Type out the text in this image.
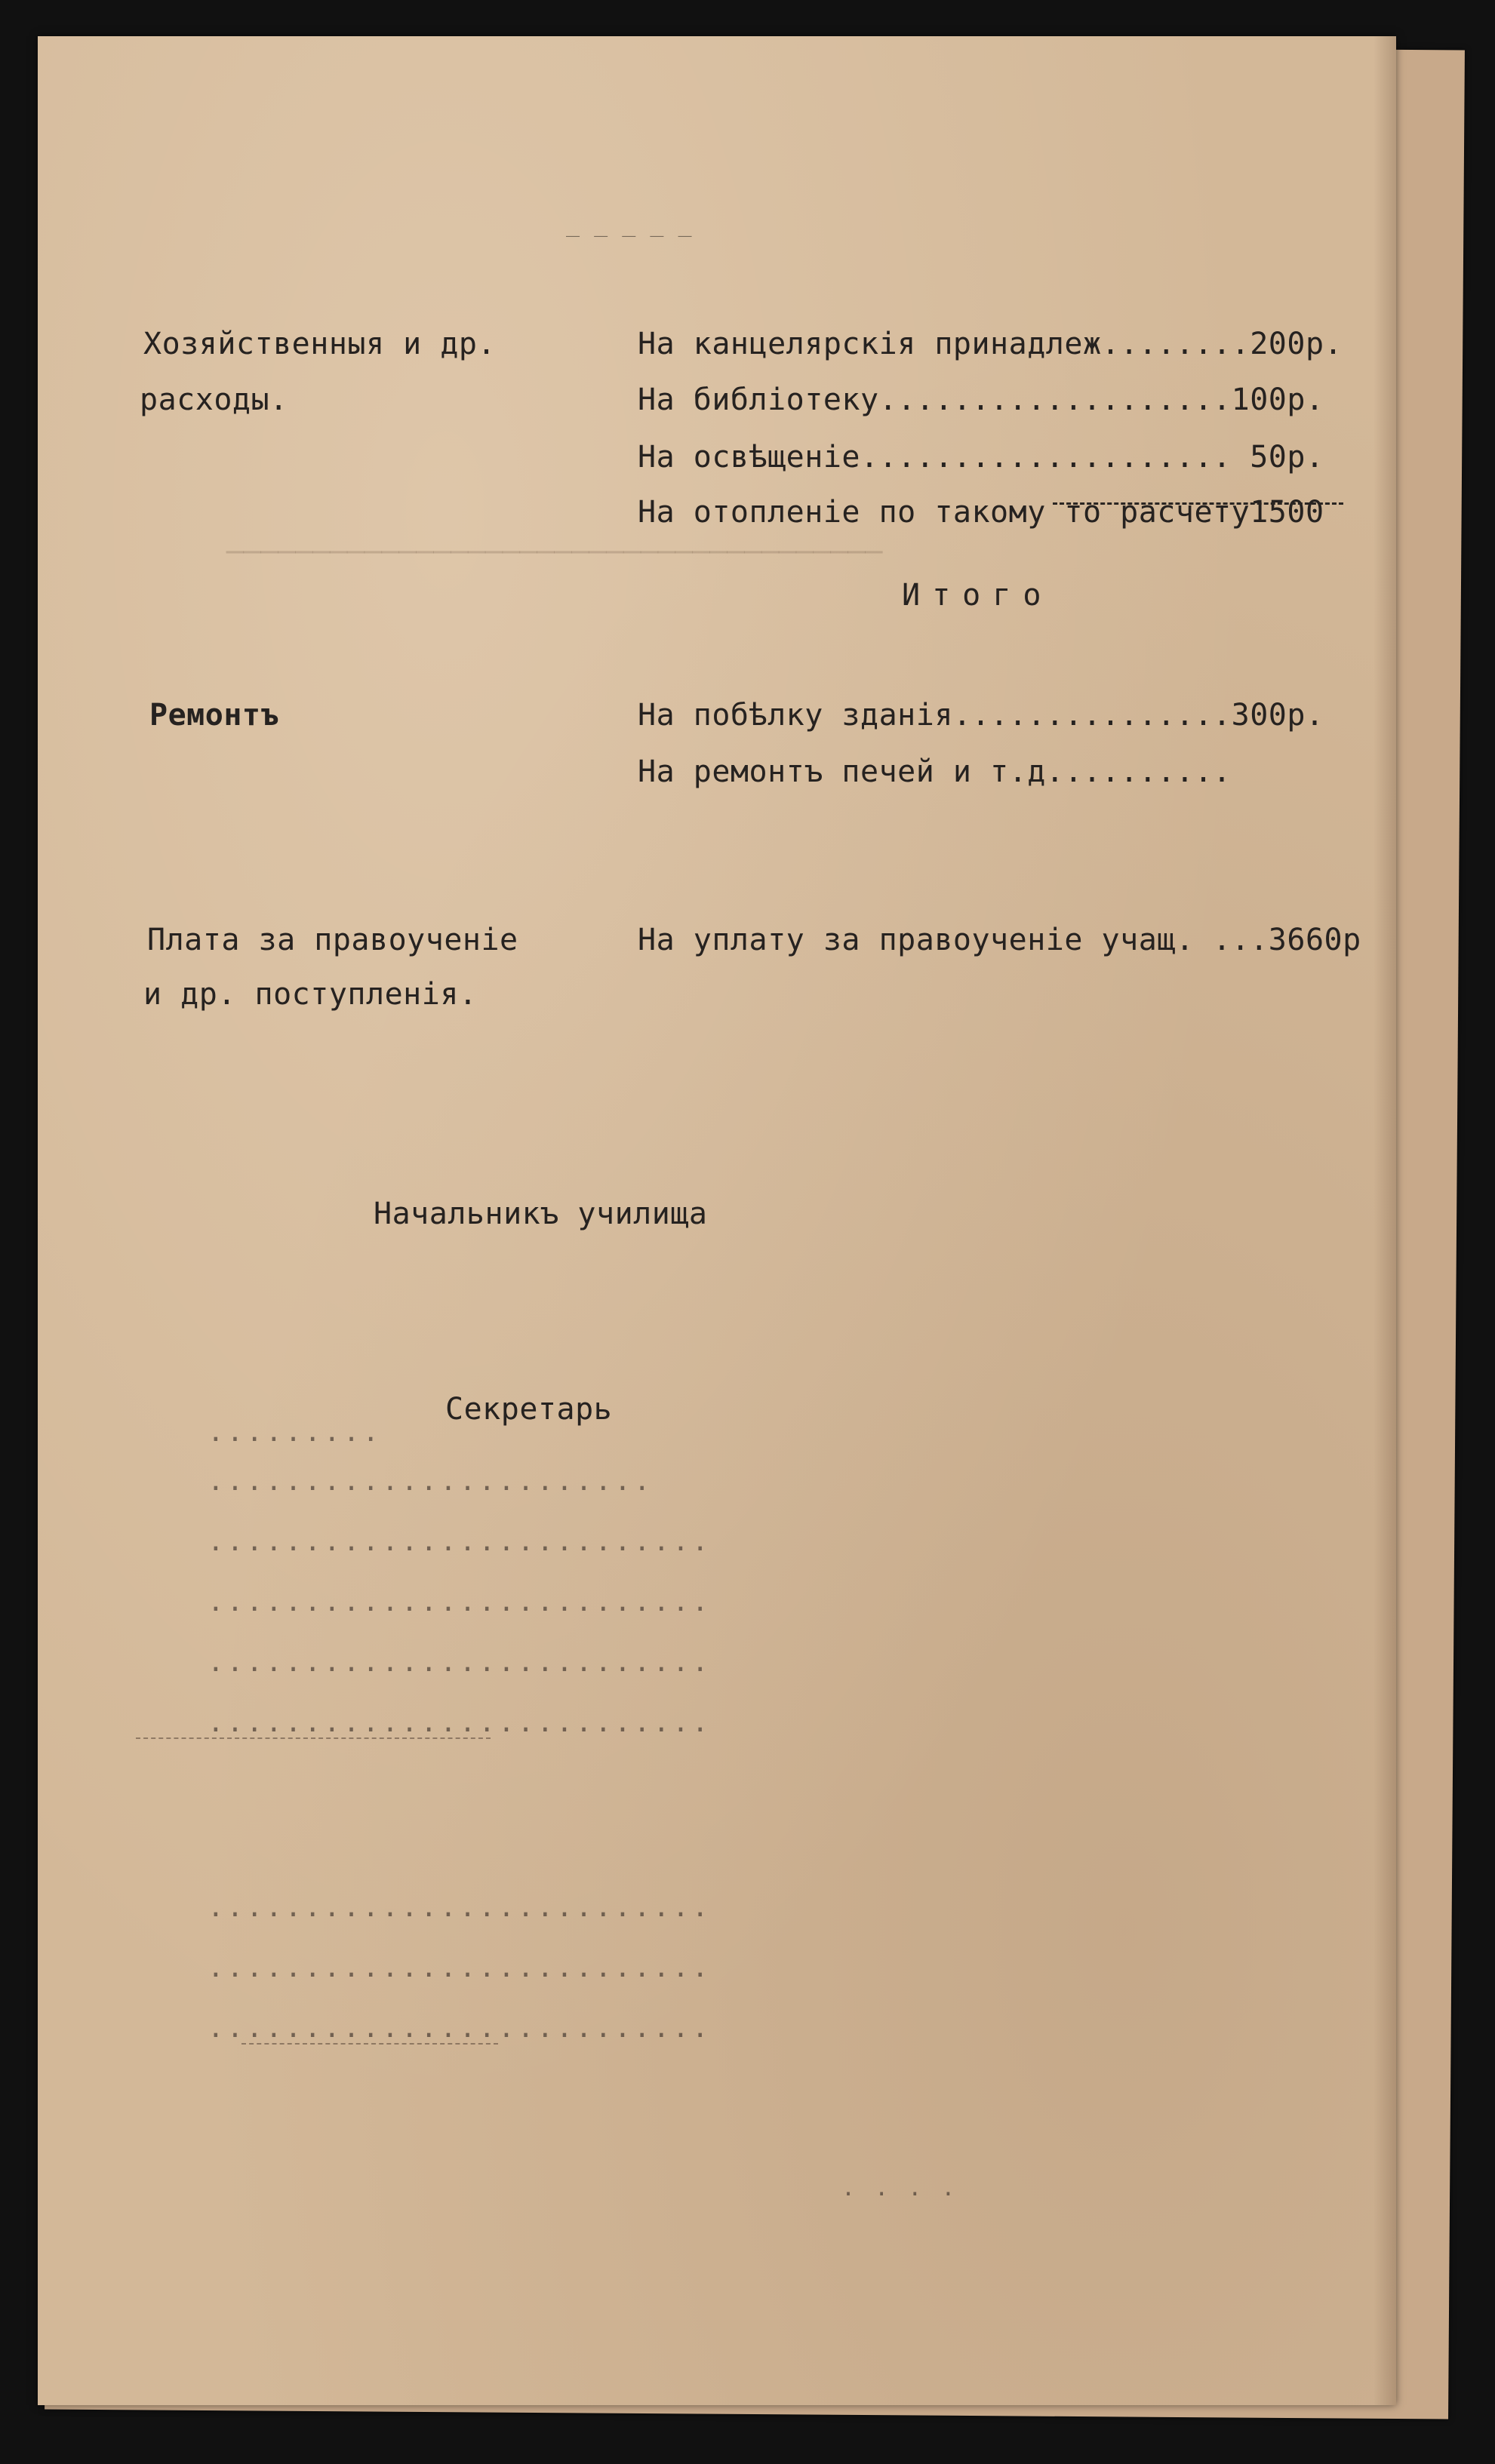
──────────────────────────────────────
_ _ _ _ _
Хозяйственныя и др.
расходы.
На канцелярскія принадлеж........200р.
На библіотеку...................100р.
На освѣщеніе.................... 50р.
На отопленіе по такому то расчету1500
Итого
Ремонтъ	На побѣлку зданія...............300р.
На ремонтъ печей и т.д..........
Плата за правоученіе
и др. поступленія.
На уплату за правоученіе учащ. ...3660р
Начальникъ училища
Секретарь
.........
.......................
..........................
..........................
..........................
..........................
..........................
..........................
..........................
. . . .
